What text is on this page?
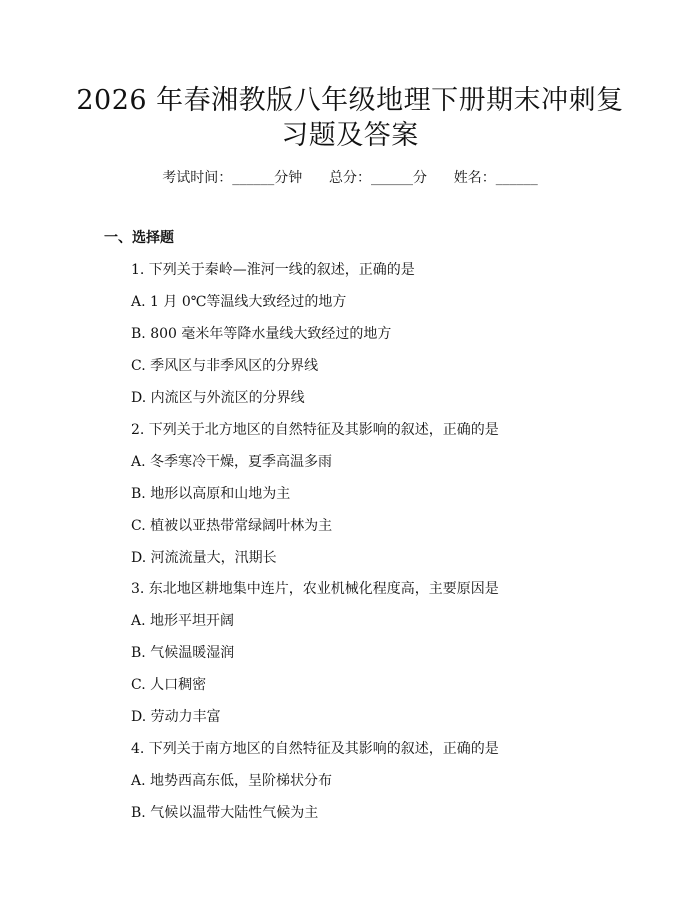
2026 年春湘教版八年级地理下册期末冲刺复
习题及答案
考试时间：______分钟 总分：______分 姓名：______
一、选择题
1. 下列关于秦岭—淮河一线的叙述，正确的是
A. 1 月 0℃等温线大致经过的地方
B. 800 毫米年等降水量线大致经过的地方
C. 季风区与非季风区的分界线
D. 内流区与外流区的分界线
2. 下列关于北方地区的自然特征及其影响的叙述，正确的是
A. 冬季寒冷干燥，夏季高温多雨
B. 地形以高原和山地为主
C. 植被以亚热带常绿阔叶林为主
D. 河流流量大，汛期长
3. 东北地区耕地集中连片，农业机械化程度高，主要原因是
A. 地形平坦开阔
B. 气候温暖湿润
C. 人口稠密
D. 劳动力丰富
4. 下列关于南方地区的自然特征及其影响的叙述，正确的是
A. 地势西高东低，呈阶梯状分布
B. 气候以温带大陆性气候为主
